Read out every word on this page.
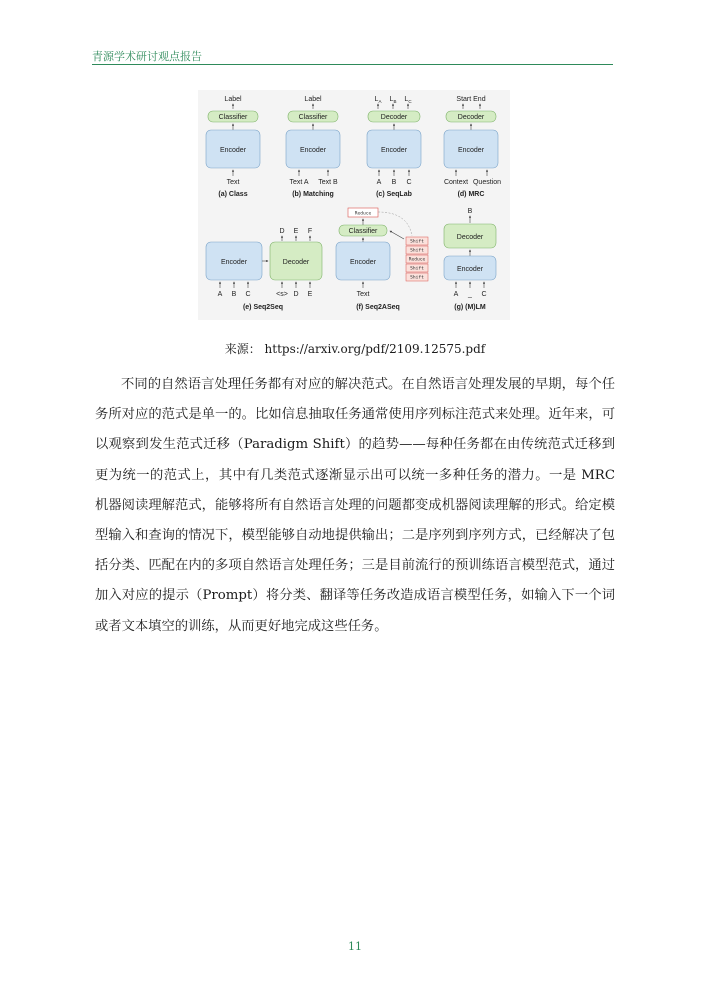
青源学术研讨观点报告
Label
Classifier
Encoder
Text
(a) Class
Label
Classifier
Encoder
Text A Text B
(b) Matching
$L_A$ $L_B$ $L_C$
Decoder
Encoder
A B C
(c) SeqLab
Start End
Decoder
Encoder
Context Question
(d) MRC
Encoder	Decoder
D E F
A B C	<s> D E
(e) Seq2Seq
Reduce
Classifier
Encoder
Text
Shift
Shift
Reduce
Shift
Shift
(f) Seq2ASeq
B
Decoder
Encoder
A _ C
(g) (M)LM
来源： https://arxiv.org/pdf/2109.12575.pdf

不同的自然语言处理任务都有对应的解决范式。在自然语言处理发展的早期，每个任务所对应的范式是单一的。比如信息抽取任务通常使用序列标注范式来处理。近年来，可以观察到发生范式迁移（Paradigm Shift）的趋势——每种任务都在由传统范式迁移到更为统一的范式上，其中有几类范式逐渐显示出可以统一多种任务的潜力。一是 MRC 机器阅读理解范式，能够将所有自然语言处理的问题都变成机器阅读理解的形式。给定模型输入和查询的情况下，模型能够自动地提供输出；二是序列到序列方式，已经解决了包括分类、匹配在内的多项自然语言处理任务；三是目前流行的预训练语言模型范式，通过加入对应的提示（Prompt）将分类、翻译等任务改造成语言模型任务，如输入下一个词或者文本填空的训练，从而更好地完成这些任务。

11
